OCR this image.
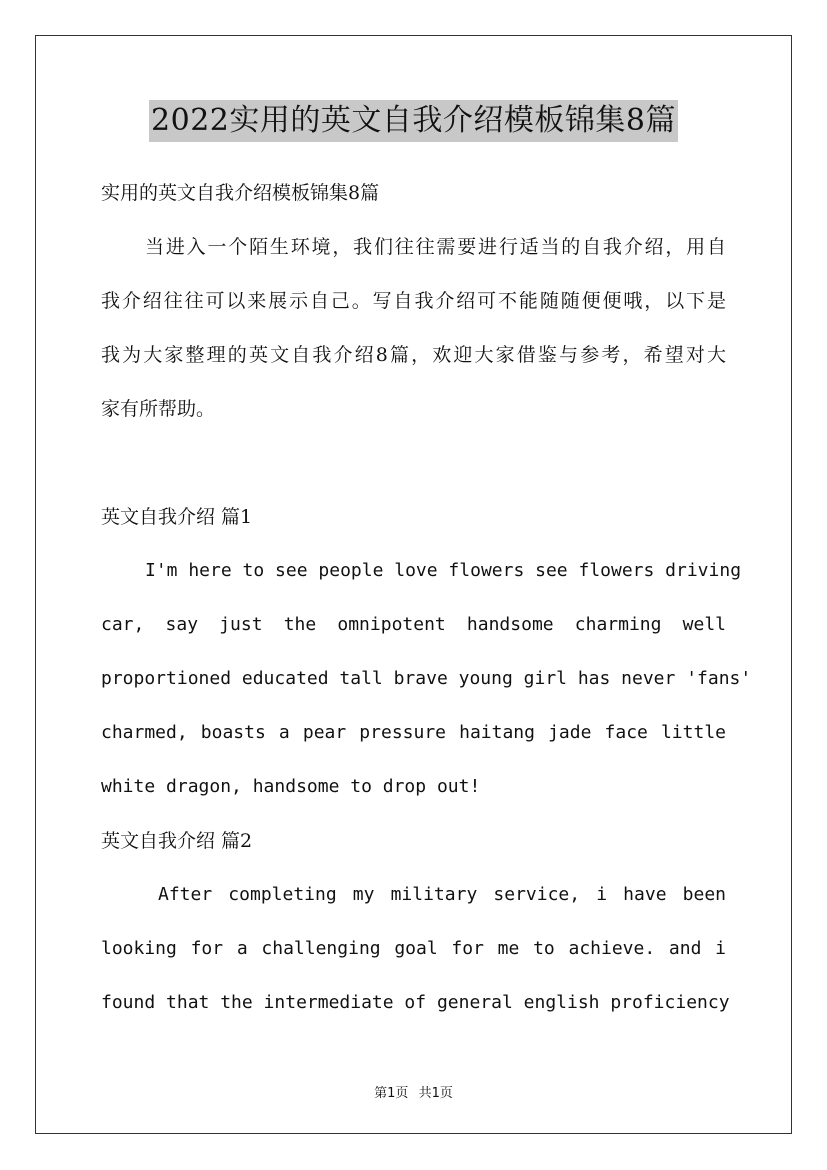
2022实用的英文自我介绍模板锦集8篇
实用的英文自我介绍模板锦集8篇
当进入一个陌生环境，我们往往需要进行适当的自我介绍，用自
我介绍往往可以来展示自己。写自我介绍可不能随随便便哦，以下是
我为大家整理的英文自我介绍8篇，欢迎大家借鉴与参考，希望对大
家有所帮助。
英文自我介绍 篇1
I'm here to see people love flowers see flowers driving
car, say just the omnipotent handsome charming well
proportioned educated tall brave young girl has never 'fans'
charmed, boasts a pear pressure haitang jade face little
white dragon, handsome to drop out!
英文自我介绍 篇2
After completing my military service, i have been
looking for a challenging goal for me to achieve. and i
found that the intermediate of general english proficiency
第1页 共1页
